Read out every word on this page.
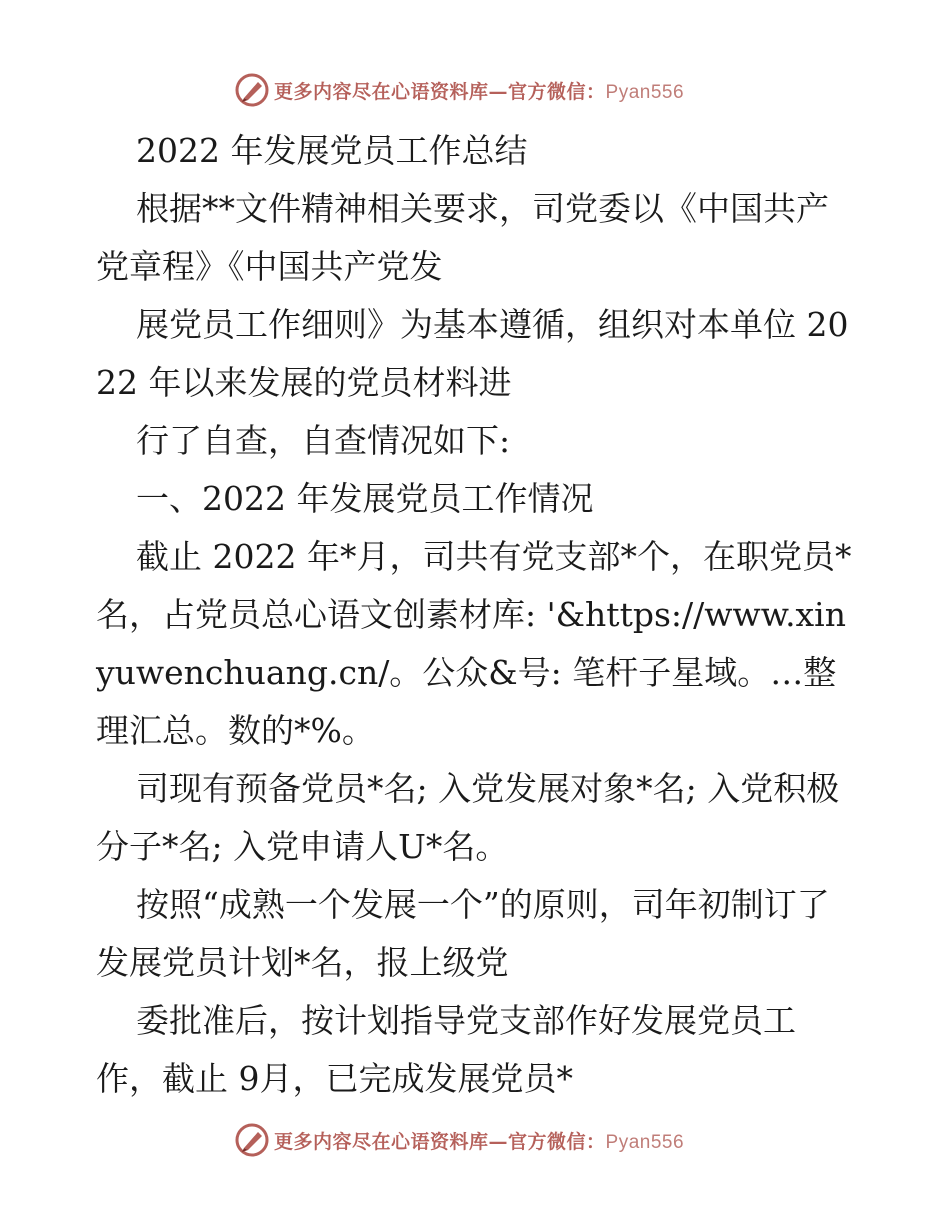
更多内容尽在心语资料库—官方微信：Pyan556

2022 年发展党员工作总结

根据**文件精神相关要求，司党委以《中国共产党章程》《中国共产党发

展党员工作细则》为基本遵循，组织对本单位 2022 年以来发展的党员材料进

行了自查，自查情况如下:

一、2022 年发展党员工作情况

截止 2022 年*月，司共有党支部*个，在职党员*名，占党员总心语文创素材库: '&https://www.xinyuwenchuang.cn/。公众&号: 笔杆子星域。…整理汇总。数的*%。

司现有预备党员*名; 入党发展对象*名; 入党积极分子*名; 入党申请人U*名。

按照“成熟一个发展一个”的原则，司年初制订了发展党员计划*名，报上级党

委批准后，按计划指导党支部作好发展党员工作，截止 9月，已完成发展党员*

更多内容尽在心语资料库—官方微信：Pyan556
